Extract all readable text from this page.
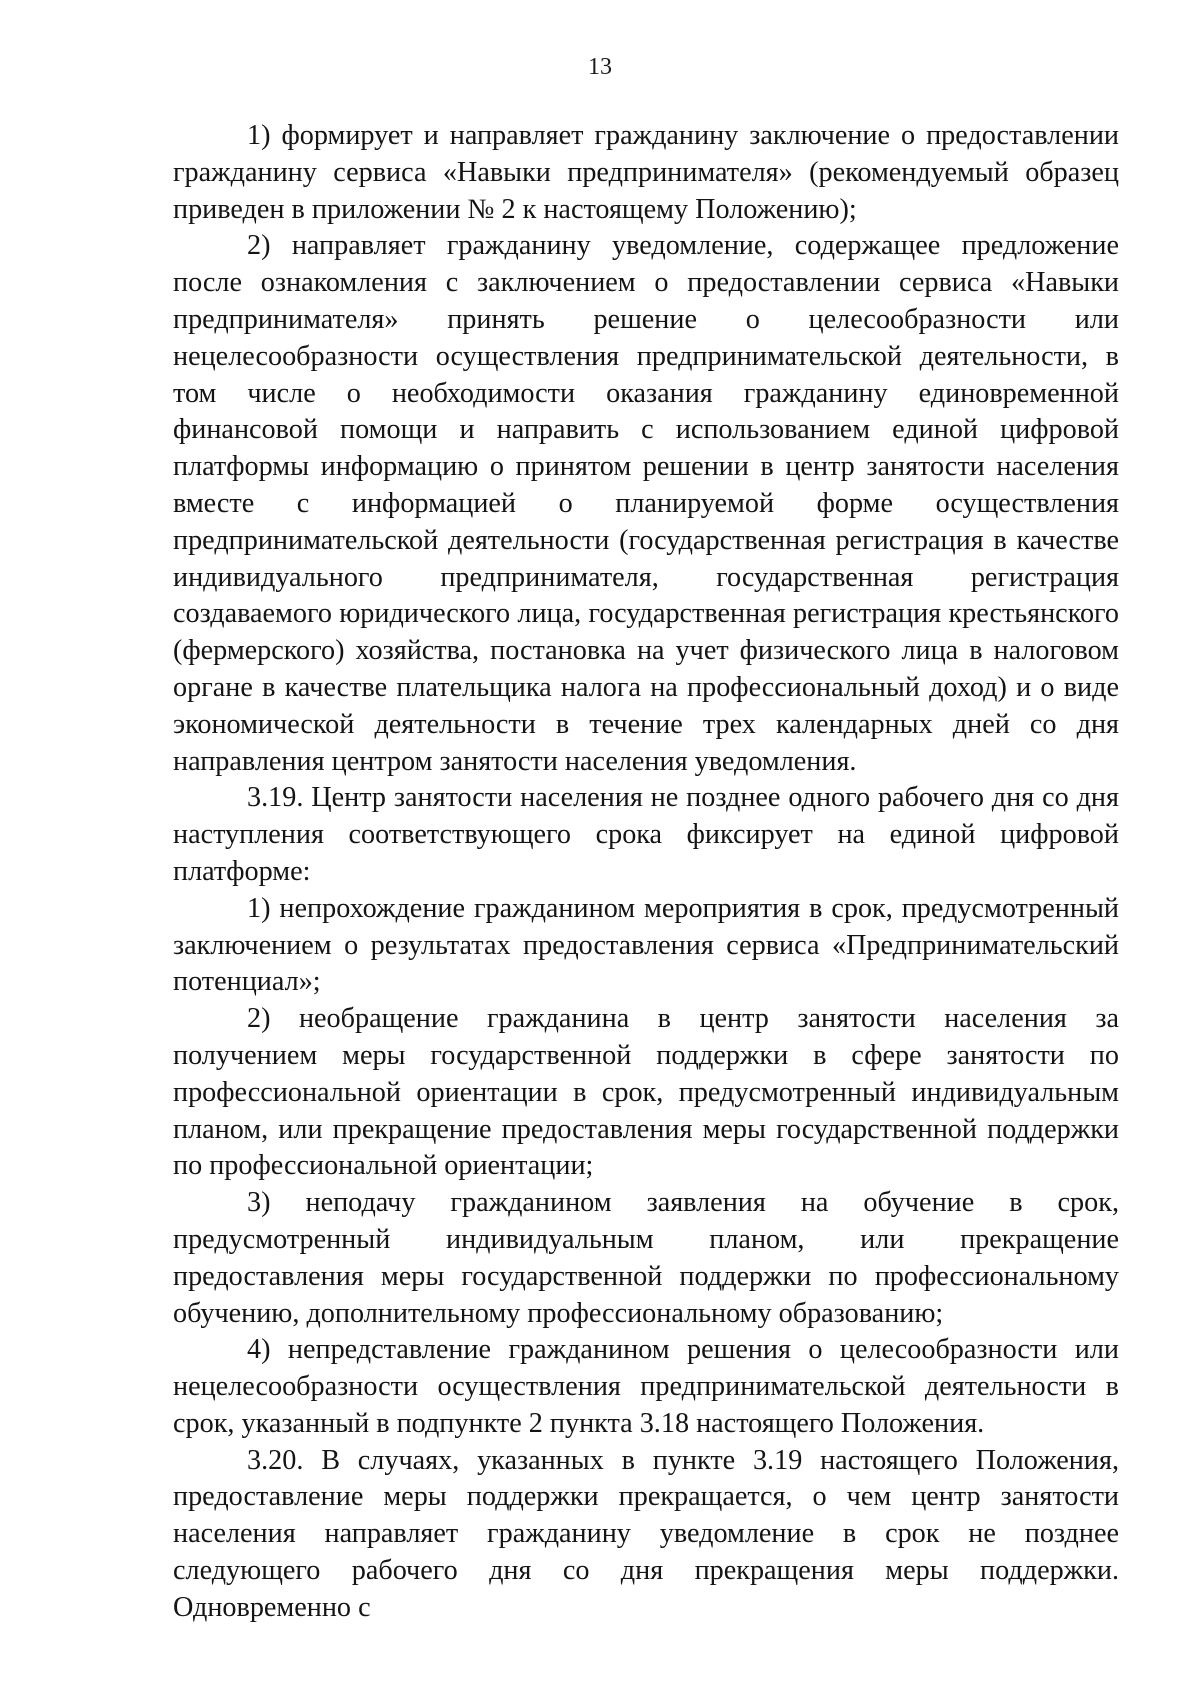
13

1) формирует и направляет гражданину заключение о предоставлении гражданину сервиса «Навыки предпринимателя» (рекомендуемый образец приведен в приложении № 2 к настоящему Положению);

2) направляет гражданину уведомление, содержащее предложение после ознакомления с заключением о предоставлении сервиса «Навыки предпринимателя» принять решение о целесообразности или нецелесообразности осуществления предпринимательской деятельности, в том числе о необходимости оказания гражданину единовременной финансовой помощи и направить с использованием единой цифровой платформы информацию о принятом решении в центр занятости населения вместе с информацией о планируемой форме осуществления предпринимательской деятельности (государственная регистрация в качестве индивидуального предпринимателя, государственная регистрация создаваемого юридического лица, государственная регистрация крестьянского (фермерского) хозяйства, постановка на учет физического лица в налоговом органе в качестве плательщика налога на профессиональный доход) и о виде экономической деятельности в течение трех календарных дней со дня направления центром занятости населения уведомления.

3.19. Центр занятости населения не позднее одного рабочего дня со дня наступления соответствующего срока фиксирует на единой цифровой платформе:

1) непрохождение гражданином мероприятия в срок, предусмотренный заключением о результатах предоставления сервиса «Предпринимательский потенциал»;

2) необращение гражданина в центр занятости населения за получением меры государственной поддержки в сфере занятости по профессиональной ориентации в срок, предусмотренный индивидуальным планом, или прекращение предоставления меры государственной поддержки по профессиональной ориентации;

3) неподачу гражданином заявления на обучение в срок, предусмотренный индивидуальным планом, или прекращение предоставления меры государственной поддержки по профессиональному обучению, дополнительному профессиональному образованию;

4) непредставление гражданином решения о целесообразности или нецелесообразности осуществления предпринимательской деятельности в срок, указанный в подпункте 2 пункта 3.18 настоящего Положения.

3.20. В случаях, указанных в пункте 3.19 настоящего Положения, предоставление меры поддержки прекращается, о чем центр занятости населения направляет гражданину уведомление в срок не позднее следующего рабочего дня со дня прекращения меры поддержки. Одновременно с
